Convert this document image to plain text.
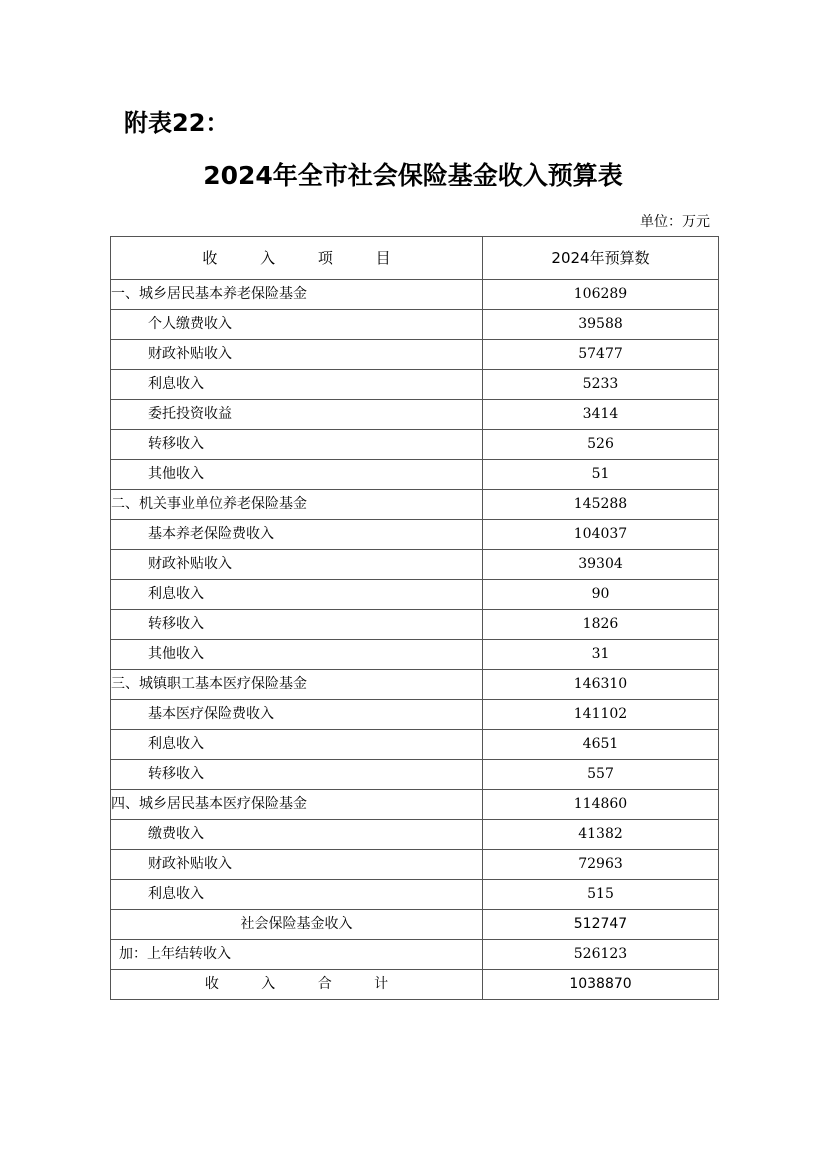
附表22：
2024年全市社会保险基金收入预算表
单位：万元
收 入 项 目	2024年预算数
一、城乡居民基本养老保险基金	106289
个人缴费收入	39588
财政补贴收入	57477
利息收入	5233
委托投资收益	3414
转移收入	526
其他收入	51
二、机关事业单位养老保险基金	145288
基本养老保险费收入	104037
财政补贴收入	39304
利息收入	90
转移收入	1826
其他收入	31
三、城镇职工基本医疗保险基金	146310
基本医疗保险费收入	141102
利息收入	4651
转移收入	557
四、城乡居民基本医疗保险基金	114860
缴费收入	41382
财政补贴收入	72963
利息收入	515
社会保险基金收入	512747
加：上年结转收入	526123
收 入 合 计	1038870
